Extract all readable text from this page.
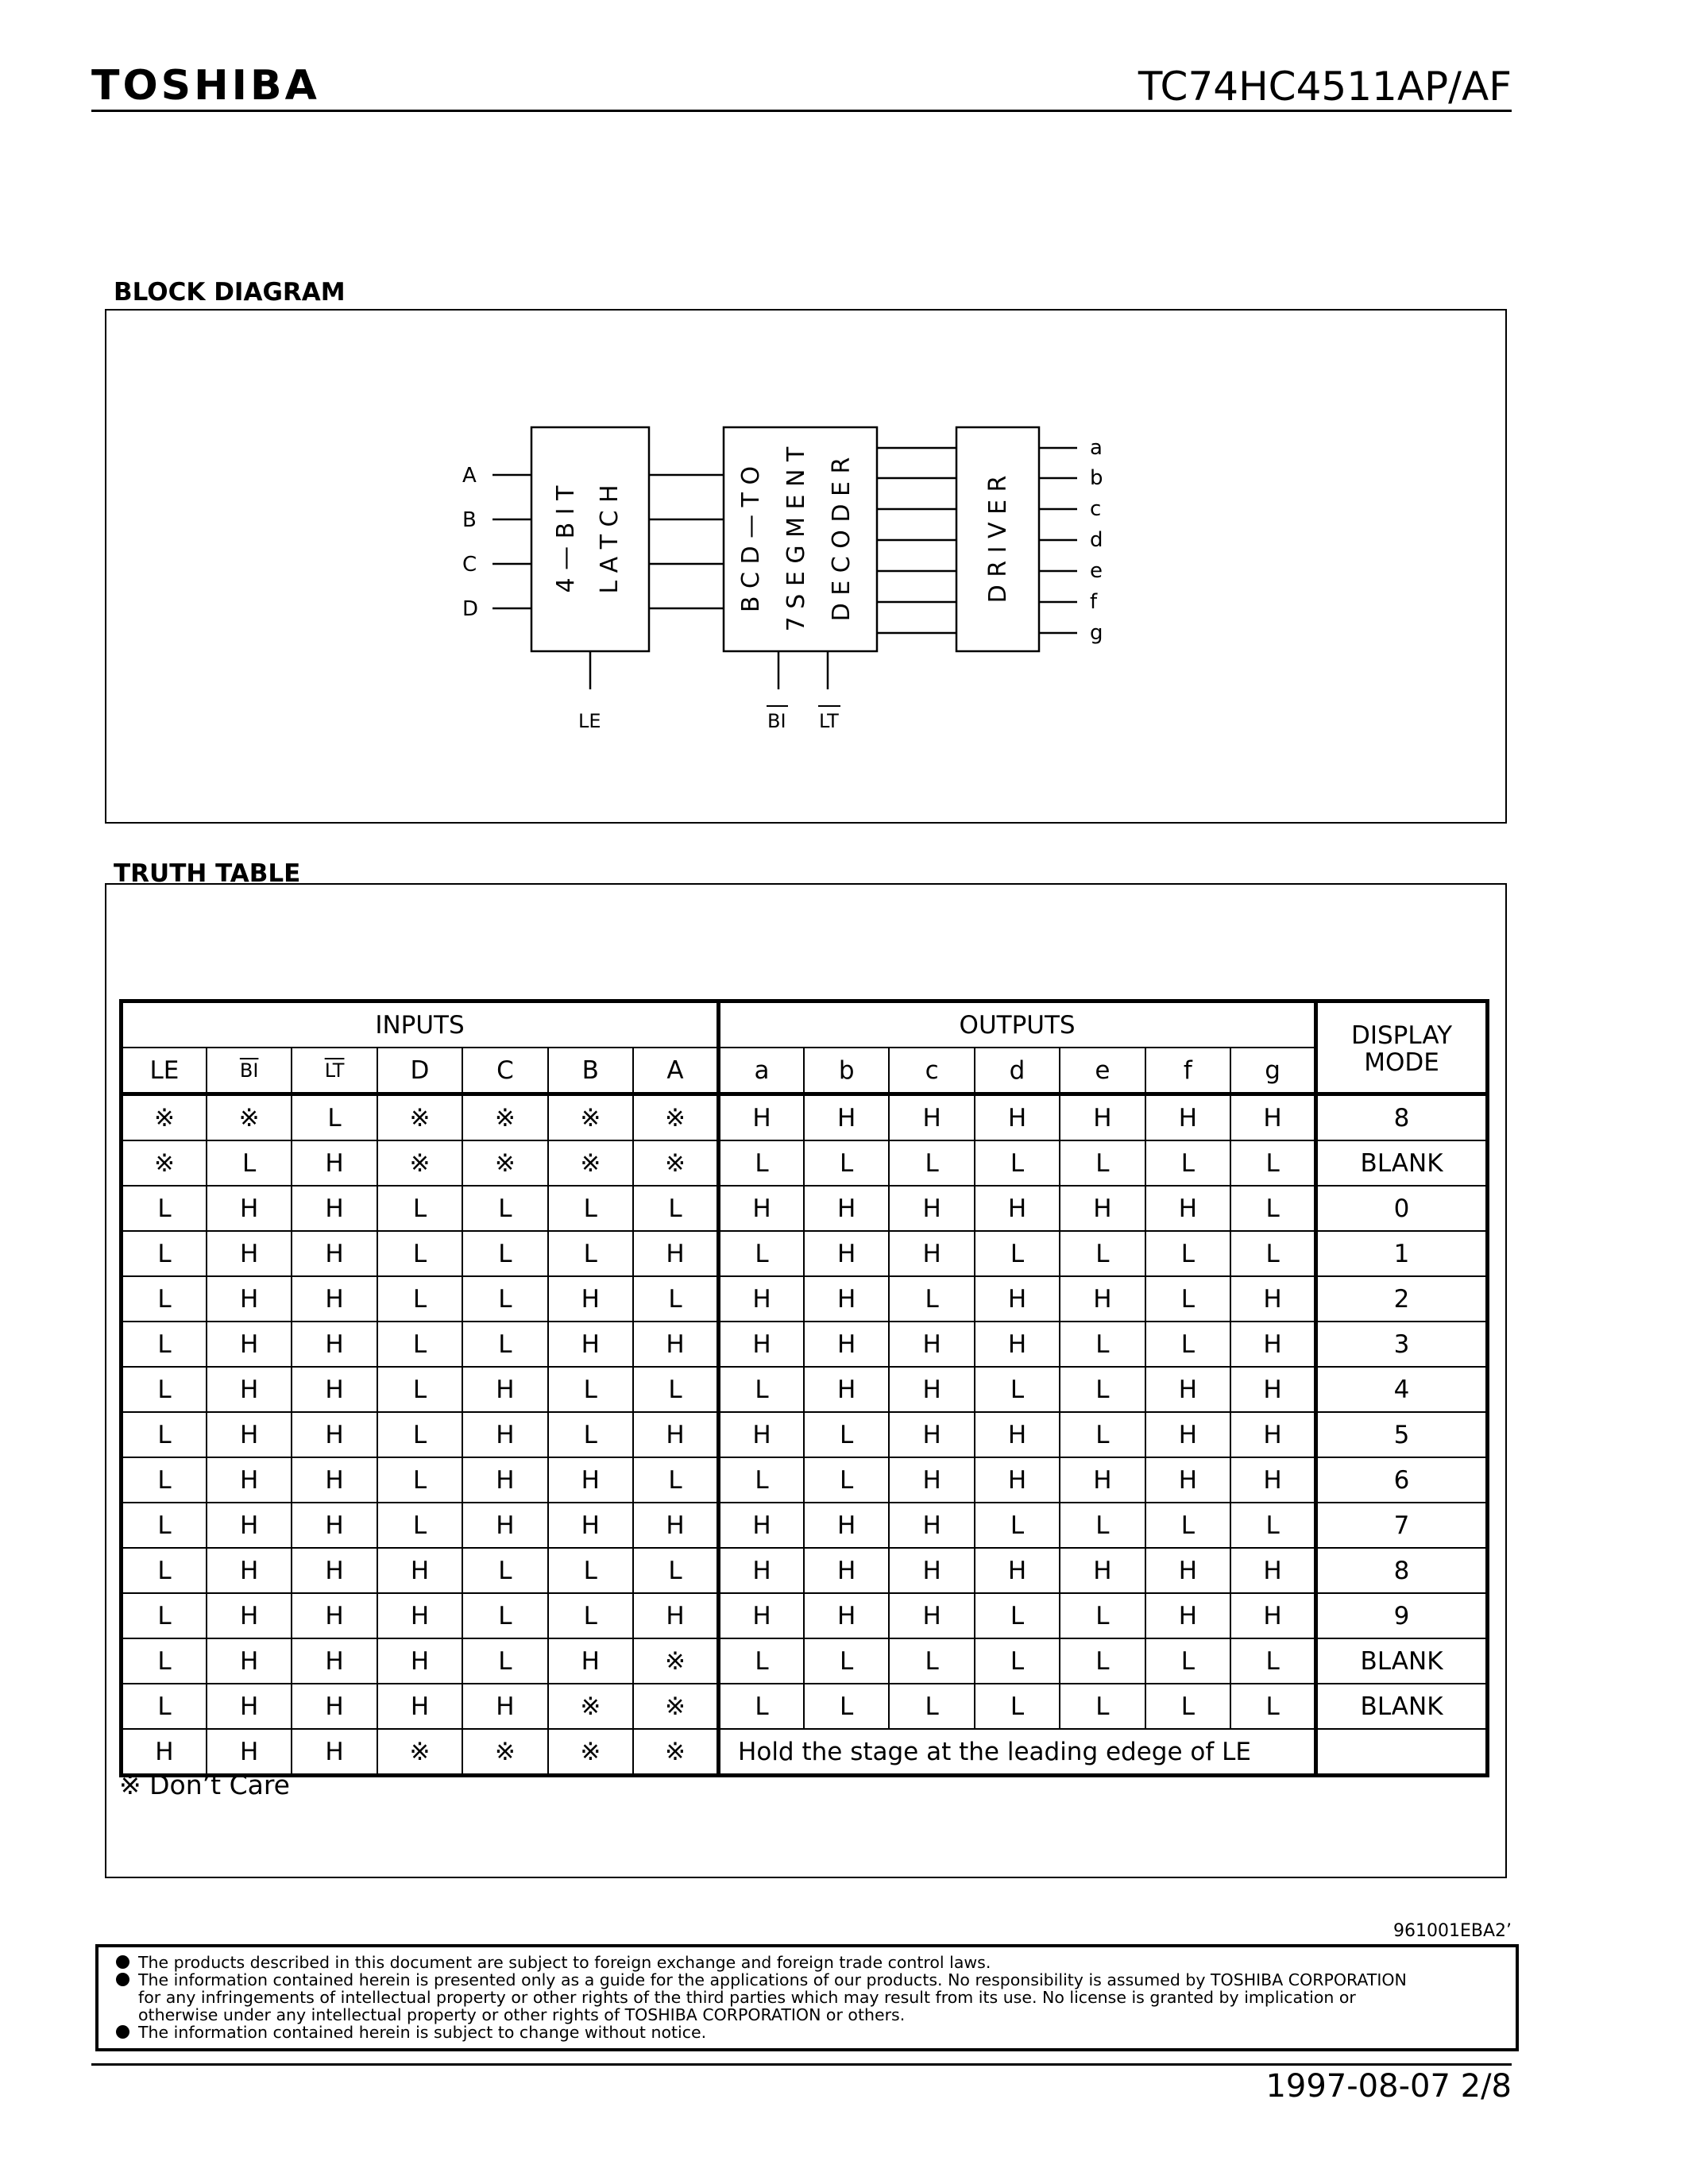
TOSHIBA	TC74HC4511AP/AF
BLOCK DIAGRAM
A
B
C
D
a
b
c
d
e
f
g
LE	BI LT
4 — B I T L A T C H	B C D — T O 7 S E G M E N T D E C O D E R	D R I V E R
TRUTH TABLE
INPUTS							OUTPUTS							DISPLAY MODE
LE	$\overline{BI}$	$\overline{LT}$	D	C	B	A	a	b	c	d	e	f	g	
※	※	L	※	※	※	※	H	H	H	H	H	H	H	8
※	L	H	※	※	※	※	L	L	L	L	L	L	L	BLANK
L	H	H	L	L	L	L	H	H	H	H	H	H	L	0
L	H	H	L	L	L	H	L	H	H	L	L	L	L	1
L	H	H	L	L	H	L	H	H	L	H	H	L	H	2
L	H	H	L	L	H	H	H	H	H	H	L	L	H	3
L	H	H	L	H	L	L	L	H	H	L	L	H	H	4
L	H	H	L	H	L	H	H	L	H	H	L	H	H	5
L	H	H	L	H	H	L	L	L	H	H	H	H	H	6
L	H	H	L	H	H	H	H	H	H	L	L	L	L	7
L	H	H	H	L	L	L	H	H	H	H	H	H	H	8
L	H	H	H	L	L	H	H	H	H	L	L	H	H	9
L	H	H	H	L	H	※	L	L	L	L	L	L	L	BLANK
L	H	H	H	H	※	※	L	L	L	L	L	L	L	BLANK
H	H	H	※	※	※	※	Hold the stage at the leading edege of LE							
※ Don’t Care
961001EBA2’
The products described in this document are subject to foreign exchange and foreign trade control laws.
The information contained herein is presented only as a guide for the applications of our products. No responsibility is assumed by TOSHIBA CORPORATION
for any infringements of intellectual property or other rights of the third parties which may result from its use. No license is granted by implication or
otherwise under any intellectual property or other rights of TOSHIBA CORPORATION or others.
The information contained herein is subject to change without notice.
1997-08-07 2/8
